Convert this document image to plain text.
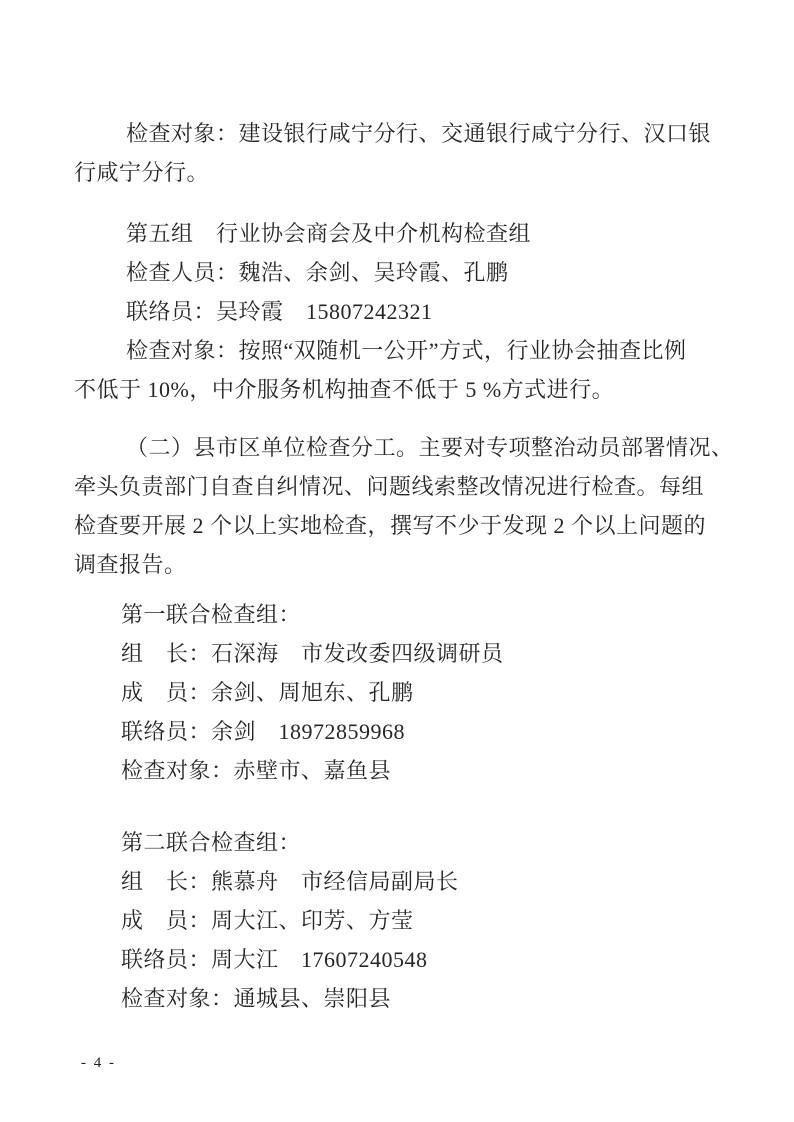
检查对象：建设银行咸宁分行、交通银行咸宁分行、汉口银
行咸宁分行。
第五组　行业协会商会及中介机构检查组
检查人员：魏浩、余剑、吴玲霞、孔鹏
联络员：吴玲霞　15807242321
检查对象：按照“双随机一公开”方式，行业协会抽查比例
不低于 10%，中介服务机构抽查不低于 5 %方式进行。
（二）县市区单位检查分工。主要对专项整治动员部署情况、
牵头负责部门自查自纠情况、问题线索整改情况进行检查。每组
检查要开展 2 个以上实地检查，撰写不少于发现 2 个以上问题的
调查报告。
第一联合检查组：
组　长：石深海　市发改委四级调研员
成　员：余剑、周旭东、孔鹏
联络员：余剑　18972859968
检查对象：赤壁市、嘉鱼县
第二联合检查组：
组　长：熊慕舟　市经信局副局长
成　员：周大江、印芳、方莹
联络员：周大江　17607240548
检查对象：通城县、崇阳县
- 4 -
